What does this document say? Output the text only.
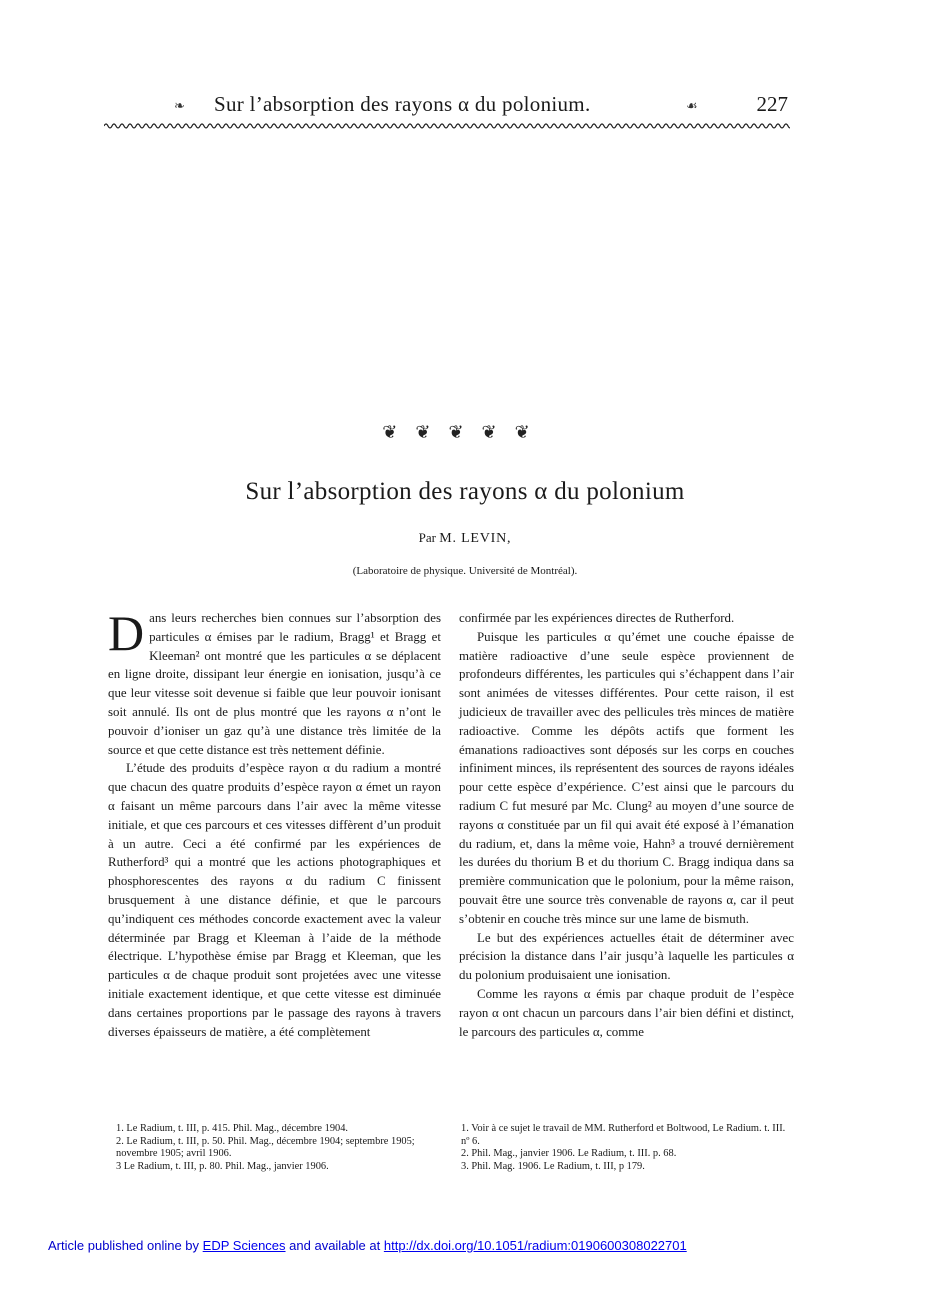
❧ Sur l’absorption des rayons α du polonium.	☙	227
❦❦❦❦❦
Sur l’absorption des rayons α du polonium
Par M. LEVIN,
(Laboratoire de physique. Université de Montréal).

Dans leurs recherches bien connues sur l’absorption des particules α émises par le radium, Bragg¹ et Bragg et Kleeman² ont montré que les particules α se déplacent en ligne droite, dissipant leur énergie en ionisation, jusqu’à ce que leur vitesse soit devenue si faible que leur pouvoir ionisant soit annulé. Ils ont de plus montré que les rayons α n’ont le pouvoir d’ioniser un gaz qu’à une distance très limitée de la source et que cette distance est très nettement définie.

L’étude des produits d’espèce rayon α du radium a montré que chacun des quatre produits d’espèce rayon α émet un rayon α faisant un même parcours dans l’air avec la même vitesse initiale, et que ces parcours et ces vitesses diffèrent d’un produit à un autre. Ceci a été confirmé par les expériences de Rutherford³ qui a montré que les actions photographiques et phosphorescentes des rayons α du radium C finissent brusquement à une distance définie, et que le parcours qu’indiquent ces méthodes concorde exactement avec la valeur déterminée par Bragg et Kleeman à l’aide de la méthode électrique. L’hypothèse émise par Bragg et Kleeman, que les particules α de chaque produit sont projetées avec une vitesse initiale exactement identique, et que cette vitesse est diminuée dans certaines proportions par le passage des rayons à travers diverses épaisseurs de matière, a été complètement

confirmée par les expériences directes de Rutherford.

Puisque les particules α qu’émet une couche épaisse de matière radioactive d’une seule espèce proviennent de profondeurs différentes, les particules qui s’échappent dans l’air sont animées de vitesses différentes. Pour cette raison, il est judicieux de travailler avec des pellicules très minces de matière radioactive. Comme les dépôts actifs que forment les émanations radioactives sont déposés sur les corps en couches infiniment minces, ils représentent des sources de rayons idéales pour cette espèce d’expérience. C’est ainsi que le parcours du radium C fut mesuré par Mc. Clung² au moyen d’une source de rayons α constituée par un fil qui avait été exposé à l’émanation du radium, et, dans la même voie, Hahn³ a trouvé dernièrement les durées du thorium B et du thorium C. Bragg indiqua dans sa première communication que le polonium, pour la même raison, pouvait être une source très convenable de rayons α, car il peut s’obtenir en couche très mince sur une lame de bismuth.

Le but des expériences actuelles était de déterminer avec précision la distance dans l’air jusqu’à laquelle les particules α du polonium produisaient une ionisation.

Comme les rayons α émis par chaque produit de l’espèce rayon α ont chacun un parcours dans l’air bien défini et distinct, le parcours des particules α, comme

1. Le Radium, t. III, p. 415. Phil. Mag., décembre 1904.
2. Le Radium, t. III, p. 50. Phil. Mag., décembre 1904; septembre 1905; novembre 1905; avril 1906.
3 Le Radium, t. III, p. 80. Phil. Mag., janvier 1906.
1. Voir à ce sujet le travail de MM. Rutherford et Boltwood, Le Radium. t. III. nº 6.
2. Phil. Mag., janvier 1906. Le Radium, t. III. p. 68.
3. Phil. Mag. 1906. Le Radium, t. III, p 179.
Article published online by EDP Sciences and available at http://dx.doi.org/10.1051/radium:0190600308022701
